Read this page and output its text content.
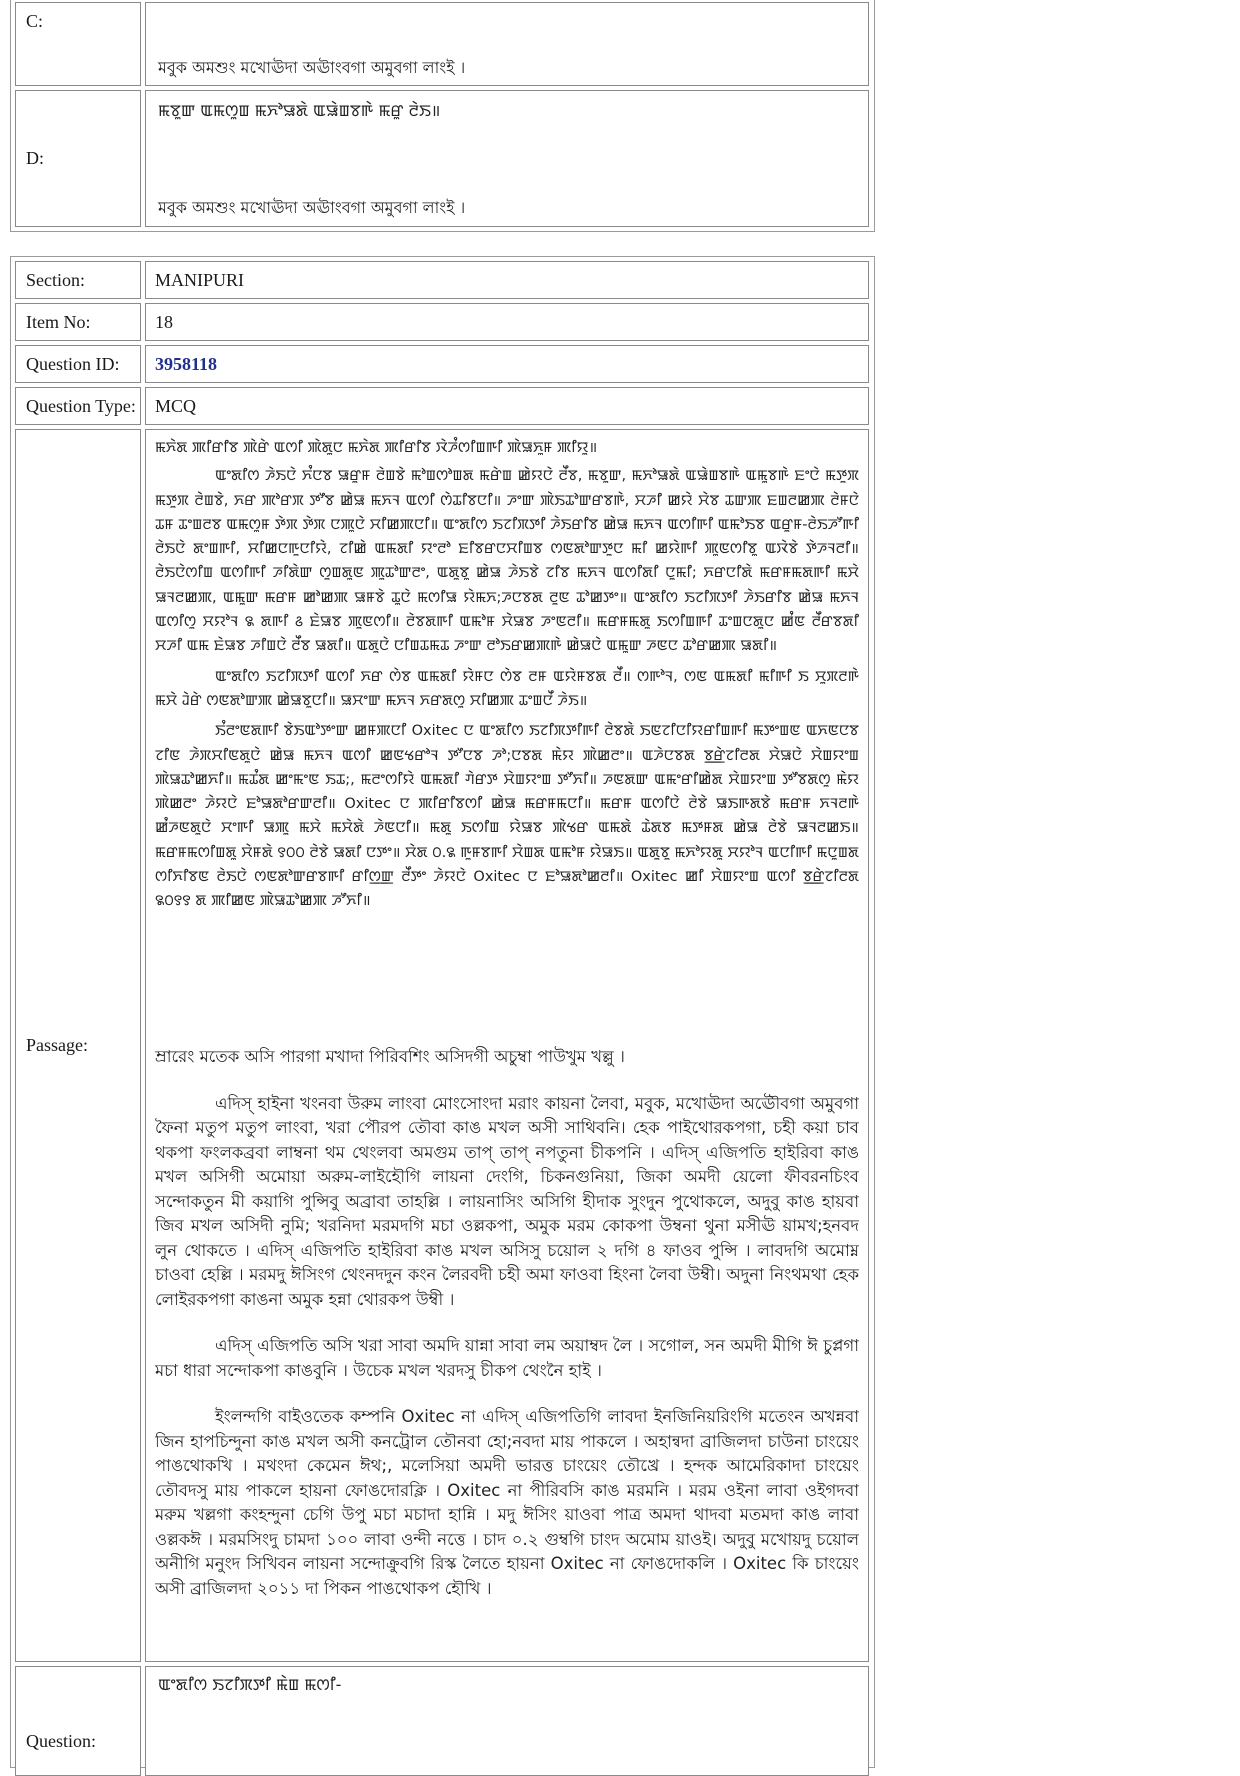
C:
মবুক অমশুং মখোঊদা অঊাংবগা অমুবগা লাংই ।
D:
ꯃꯕꯨꯛ ꯑꯃꯁꯨꯡ ꯃꯈꯣꯎꯗꯥ ꯑꯎꯥꯡꯕꯒꯥ ꯃꯔꯨ ꯂꯥꯏ॥
মবুক অমশুং মখোঊদা অঊাংবগা অমুবগা লাংই ।
Section:	MANIPURI
Item No:	18
Question ID: 3958118
Question Type: MCQ
Passage:

ꯃꯈꯥꯗ ꯄꯤꯔꯤꯕ ꯄꯥꯔꯥ ꯑꯁꯤ ꯄꯥꯗꯨꯅ ꯃꯈꯥꯗ ꯄꯤꯔꯤꯕ ꯋꯥꯍꯪꯁꯤꯡꯒꯤ ꯄꯥꯎꯈꯨꯝ ꯄꯤꯌꯨ॥

ꯑꯦꯗꯤꯁ ꯍꯥꯏꯅꯥ ꯈꯪꯅꯕ ꯎꯔꯨꯝ ꯂꯥꯡꯕꯥ ꯃꯣꯡꯁꯣꯡꯗ ꯃꯔꯥꯡ ꯀꯥꯌꯅꯥ ꯂꯩꯕ, ꯃꯕꯨꯛ, ꯃꯈꯣꯎꯗꯥ ꯑꯎꯥꯡꯕꯒꯥ ꯑꯃꯨꯕꯒꯥ ꯐꯦꯅꯥ ꯃꯇꯨꯞ ꯃꯇꯨꯞ ꯂꯥꯡꯕꯥ, ꯈꯔ ꯄꯣꯔꯞ ꯇꯧꯕ ꯀꯥꯎ ꯃꯈꯜ ꯑꯁꯤ ꯁꯥꯊꯤꯕꯅꯤ॥ ꯍꯦꯛ ꯄꯥꯏꯊꯣꯛꯔꯕꯒꯥ, ꯆꯍꯤ ꯀꯌꯥ ꯆꯥꯕ ꯊꯛꯄ ꯐꯡꯂꯀꯄ ꯂꯥꯝꯅꯥ ꯊꯝ ꯊꯦꯡꯂꯕ ꯑꯃꯁꯨꯝ ꯇꯥꯞ ꯇꯥꯞ ꯅꯄꯨꯅꯥ ꯆꯤꯀꯄꯅꯤ॥ ꯑꯦꯗꯤꯁ ꯏꯖꯤꯞꯇꯤ ꯍꯥꯏꯔꯤꯕ ꯀꯥꯎ ꯃꯈꯜ ꯑꯁꯤꯒꯤ ꯑꯃꯣꯏꯕ ꯑꯔꯨꯝ-ꯂꯥꯏꯍꯧꯒꯤ ꯂꯥꯏꯅꯥ ꯗꯦꯡꯒꯤ, ꯆꯤꯀꯅꯒꯨꯅꯤꯌꯥ, ꯖꯤꯀꯥ ꯑꯃꯗꯤ ꯌꯦꯂꯣ ꯐꯤꯕꯔꯅꯆꯤꯡꯕ ꯁꯟꯗꯣꯛꯇꯨꯅ ꯃꯤ ꯀꯌꯥꯒꯤ ꯄꯨꯟꯁꯤꯕꯨ ꯑꯋꯥꯕꯥ ꯇꯥꯍꯜꯂꯤ॥ ꯂꯥꯏꯅꯥꯁꯤꯡ ꯑꯁꯤꯒꯤ ꯍꯤꯗꯥꯛ ꯁꯨꯡꯗꯨꯟ ꯄꯨꯊꯣꯛꯂꯦ, ꯑꯗꯨꯕꯨ ꯀꯥꯎ ꯍꯥꯏꯕꯥ ꯖꯤꯕ ꯃꯈꯜ ꯑꯁꯤꯗꯤ ꯅꯨꯃꯤ; ꯈꯔꯅꯤꯗꯥ ꯃꯔꯝꯃꯗꯒꯤ ꯃꯆꯥ ꯎꯜꯂꯀꯄ, ꯑꯃꯨꯛ ꯃꯔꯝ ꯀꯣꯀꯄ ꯎꯝꯕꯥ ꯊꯨꯅꯥ ꯃꯁꯤꯎ ꯌꯥꯃꯈ;ꯍꯅꯕꯗ ꯂꯨꯟ ꯊꯣꯀꯇꯦ॥ ꯑꯦꯗꯤꯁ ꯏꯖꯤꯞꯇꯤ ꯍꯥꯏꯔꯤꯕ ꯀꯥꯎ ꯃꯈꯜ ꯑꯁꯤꯁꯨ ꯆꯌꯣꯜ ꯲ ꯗꯒꯤ ꯴ ꯐꯥꯎꯕ ꯄꯨꯟꯁꯤ॥ ꯂꯥꯕꯗꯒꯤ ꯑꯃꯣꯝ ꯆꯥꯎꯕ ꯍꯦꯟꯂꯤ॥ ꯃꯔꯝꯃꯗꯨ ꯏꯁꯤꯡꯒꯤ ꯊꯦꯡꯅꯗꯨꯅ ꯀꯪꯟ ꯂꯩꯔꯕꯗꯤ ꯆꯍꯤ ꯑꯃ ꯐꯥꯎꯕ ꯍꯤꯡꯅꯥ ꯂꯩꯕ ꯎꯗꯤ॥ ꯑꯗꯨꯅꯥ ꯅꯤꯡꯊꯃꯊ ꯍꯦꯛ ꯂꯣꯏꯔꯀꯄꯒꯥ ꯀꯥꯎꯅꯥ ꯑꯃꯨꯛ ꯍꯟꯅ ꯊꯣꯔꯀꯄ ꯎꯗꯤ॥

ꯑꯦꯗꯤꯁ ꯏꯖꯤꯞꯇꯤ ꯑꯁꯤ ꯈꯔ ꯁꯥꯕ ꯑꯃꯗꯤ ꯌꯥꯝꯅ ꯁꯥꯕ ꯂꯝ ꯑꯌꯥꯝꯕꯗ ꯂꯩ॥ ꯁꯒꯣꯜ, ꯁꯟ ꯑꯃꯗꯤ ꯃꯤꯒꯤ ꯏ ꯆꯨꯞꯂꯒꯥ ꯃꯆꯥ ꯙꯥꯔꯥ ꯁꯟꯗꯣꯛꯄ ꯀꯥꯎꯕꯨꯅꯤ॥ ꯎꯆꯦꯛ ꯃꯈꯜ ꯈꯔꯗꯁꯨ ꯆꯤꯀꯄ ꯊꯦꯡꯅꯩ ꯍꯥꯏ॥

ꯏꯪꯂꯦꯟꯗꯒꯤ ꯕꯥꯏꯑꯣꯇꯦꯛ ꯀꯝꯄꯅꯤ Oxitec ꯅ ꯑꯦꯗꯤꯁ ꯏꯖꯤꯞꯇꯤꯒꯤ ꯂꯥꯕꯗꯥ ꯏꯟꯖꯤꯅꯤꯌꯔꯤꯡꯒꯤ ꯃꯇꯦꯡꯟ ꯑꯈꯟꯅꯕ ꯖꯤꯟ ꯍꯥꯞꯆꯤꯟꯗꯨꯅꯥ ꯀꯥꯎ ꯃꯈꯜ ꯑꯁꯤ ꯀꯟꯠꯔꯣꯜ ꯇꯧꯅꯕ ꯍꯣ;ꯅꯕꯗ ꯃꯥꯌ ꯄꯥꯀꯂꯦ॥ ꯑꯍꯥꯅꯕꯗ ꯕ꯭ꯔꯥꯖꯤꯂꯗ ꯆꯥꯎꯅꯥ ꯆꯥꯡꯌꯦꯡ ꯄꯥꯎꯊꯣꯀꯈꯤ॥ ꯃꯊꯪꯗ ꯀꯦꯃꯦꯟ ꯏꯊ;, ꯃꯂꯦꯁꯤꯌꯥ ꯑꯃꯗꯤ ꯚꯥꯔꯇ ꯆꯥꯡꯌꯦꯡ ꯇꯧꯈꯤ॥ ꯍꯟꯗꯛ ꯑꯃꯦꯔꯤꯀꯥꯗ ꯆꯥꯡꯌꯦꯡ ꯇꯧꯕꯗꯁꯨ ꯃꯥꯌ ꯄꯥꯀꯂꯦ ꯍꯥꯌꯅꯥ ꯐꯣꯎꯗꯣꯔꯛꯂꯤ॥ Oxitec ꯅ ꯄꯤꯔꯤꯕꯁꯤ ꯀꯥꯎ ꯃꯔꯝꯃꯅꯤ॥ ꯃꯔꯝ ꯑꯁꯤꯅꯥ ꯂꯥꯕꯥ ꯎꯏꯒꯗꯕꯥ ꯃꯔꯝ ꯈꯜꯂꯒꯥ ꯀꯪꯍꯟꯗꯨꯅꯥ ꯆꯦꯒꯤ ꯎꯄꯨ ꯃꯆꯥ ꯃꯆꯥꯗꯥ ꯍꯥꯟꯅꯤ॥ ꯃꯗꯨ ꯏꯁꯤꯡ ꯌꯥꯎꯕ ꯄꯥꯠꯔ ꯑꯃꯗꯥ ꯊꯥꯗꯕ ꯃꯇꯝꯗ ꯀꯥꯎ ꯂꯥꯕꯥ ꯎꯜꯂꯀꯏ॥ ꯃꯔꯝꯃꯁꯤꯡꯗꯨ ꯆꯥꯝꯗꯥ ꯱꯰꯰ ꯂꯥꯕꯥ ꯎꯗꯤ ꯅꯇꯦ॥ ꯆꯥꯗ ꯰.꯲ ꯒꯨꯝꯕꯒꯤ ꯆꯥꯡꯗ ꯑꯃꯣꯝ ꯌꯥꯎꯏ॥ ꯑꯗꯨꯕꯨ ꯃꯈꯣꯌꯗꯨ ꯆꯌꯣꯜ ꯑꯅꯤꯒꯤ ꯃꯅꯨꯡꯗ ꯁꯤꯈꯤꯕꯟ ꯂꯥꯏꯅꯥ ꯁꯟꯗꯣꯛꯔꯕꯒꯤ ꯔꯤꯁ꯭ꯛ ꯂꯩꯇꯦ ꯍꯥꯌꯅꯥ Oxitec ꯅ ꯐꯣꯎꯗꯣꯀꯂꯤ॥ Oxitec ꯀꯤ ꯆꯥꯡꯌꯦꯡ ꯑꯁꯤ ꯕ꯭ꯔꯥꯖꯤꯂꯗ ꯲꯰꯱꯱ ꯗ ꯄꯤꯀꯟ ꯄꯥꯎꯊꯣꯀꯄ ꯍꯧꯈꯤ॥

ম্রারেং মতেক অসি পারগা মখাদা পিরিবশিং অসিদগী অচুম্বা পাউখুম খল্লু ।

এদিস্ হাইনা খংনবা উরুম লাংবা মোংসোংদা মরাং কায়না লৈবা, মবুক, মখোঊদা অঊৌবগা অমুবগা ফৈনা মতুপ মতুপ লাংবা, খরা পৌরপ তৌবা কাঙ মখল অসী সাথিবনি। হেক পাইথোরকপগা, চহী কয়া চাব থকপা ফংলকব্রবা লাম্বনা থম থেংলবা অমগুম তাপ্ তাপ্ নপতুনা চীকপনি । এদিস্ এজিপতি হাইরিবা কাঙ মখল অসিগী অমোয়া অরুম-লাইহৌগি লায়না দেংগি, চিকনগুনিয়া, জিকা অমদী য়েলো ফীবরনচিংব সন্দোকতুন মী কয়াগি পুন্সিবু অব্রাবা তাহল্লি । লায়নাসিং অসিগি হীদাক সুংদুন পুথোকলে, অদুবু কাঙ হায়বা জিব মখল অসিদী নুমি; খরনিদা মরমদগি মচা ওল্লকপা, অমুক মরম কোকপা উম্বনা থুনা মসীঊ য়ামখ;হনবদ লুন থোকতে । এদিস্ এজিপতি হাইরিবা কাঙ মখল অসিসু চয়োল ২ দগি ৪ ফাওব পুন্সি । লাবদগি অমোম্ন চাওবা হেল্লি । মরমদু ঈসিংগ থেংনদদুন কংন লৈরবদী চহী অমা ফাওবা হিংনা লৈবা উম্বী। অদুনা নিংথমথা হেক লোইরকপগা কাঙনা অমুক হন্না থোরকপ উম্বী ।

এদিস্ এজিপতি অসি খরা সাবা অমদি য়ান্না সাবা লম অয়াম্বদ লৈ । সগোল, সন অমদী মীগি ঈ চুপ্লগা মচা ধারা সন্দোকপা কাঙবুনি । উচেক মখল খরদসু চীকপ থেংনৈ হাই ।

ইংলন্দগি বাইওতেক কম্পনি Oxitec না এদিস্ এজিপতিগি লাবদা ইনজিনিয়রিংগি মতেংন অখন্নবা জিন হাপচিন্দুনা কাঙ মখল অসী কনট্রোল তৌনবা হো;নবদা মায় পাকলে । অহান্বদা ব্রাজিলদা চাউনা চাংয়েং পাঙথোকখি । মথংদা কেমেন ঈথ;, মলেসিয়া অমদী ভারত্ত চাংয়েং তৌখ্রে । হন্দক আমেরিকাদা চাংয়েং তৌবদসু মায় পাকলে হায়না ফোঙদোরক্লি । Oxitec না পীরিবসি কাঙ মরমনি । মরম ওইনা লাবা ওইগদবা মরুম খল্লগা কংহন্দুনা চেগি উপু মচা মচাদা হান্নি । মদু ঈসিং য়াওবা পাত্র অমদা থাদবা মতমদা কাঙ লাবা ওল্লকঈ । মরমসিংদু চামদা ১০০ লাবা ওন্দী নত্তে । চাদ ০.২ গুম্বগি চাংদ অমোম য়াওই। অদুবু মখোয়দু চয়োল অনীগি মনুংদ সিখিবন লায়না সন্দোক্রুবগি রিস্ক লৈতে হায়না Oxitec না ফোঙদোকলি । Oxitec কি চাংয়েং অসী ব্রাজিলদা ২০১১ দা পিকন পাঙথোকপ হৌখি ।

Question:
ꯑꯦꯗꯤꯁ ꯏꯖꯤꯞꯇꯤ ꯃꯥꯡ ꯃꯁꯤ-
